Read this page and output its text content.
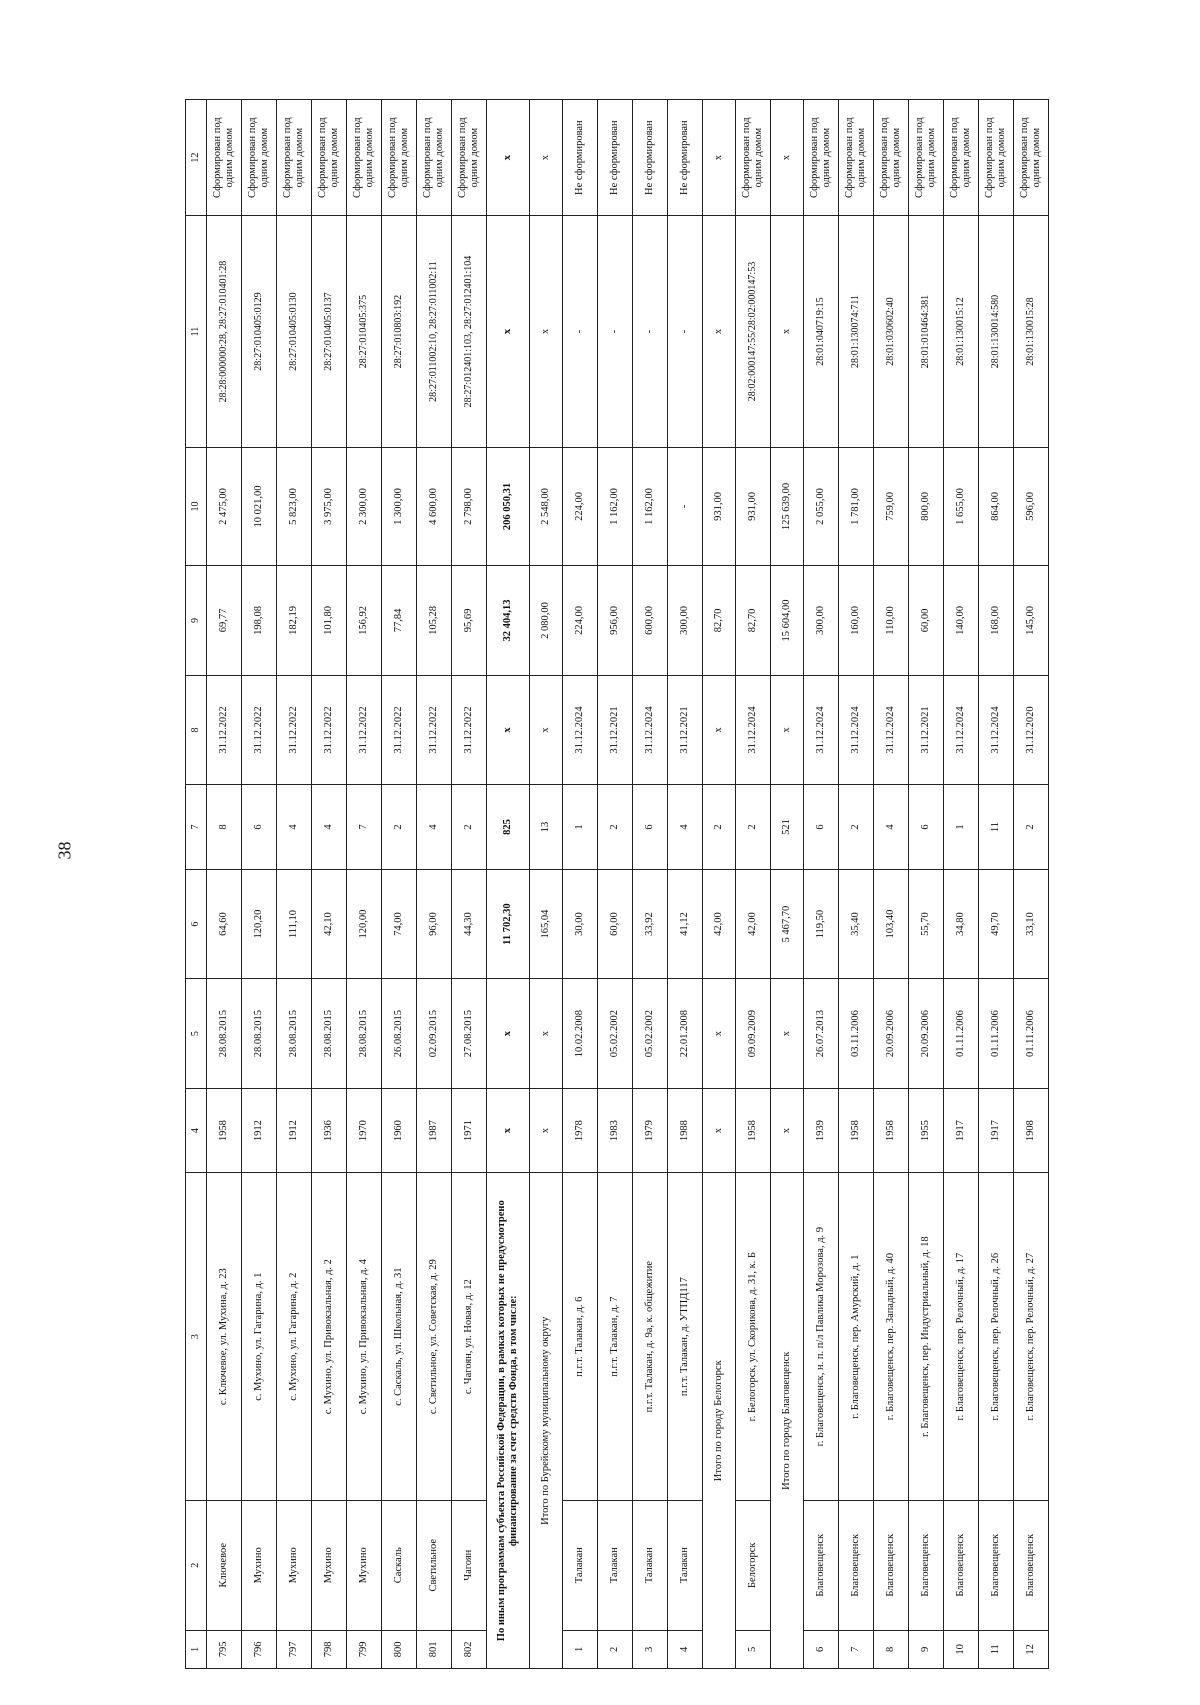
38
1	2	3	4	5	6	7	8	9	10	11	12
795	Ключевое	с. Ключевое, ул. Мухина, д. 23	1958	28.08.2015	64,60	8	31.12.2022	69,77	2 475,00	28:28:000000:28, 28:27:010401:28	Сформирован под одним домом
796	Мухино	с. Мухино, ул. Гагарина, д. 1	1912	28.08.2015	120,20	6	31.12.2022	198,08	10 021,00	28:27:010405:0129	Сформирован под одним домом
797	Мухино	с. Мухино, ул. Гагарина, д. 2	1912	28.08.2015	111,10	4	31.12.2022	182,19	5 823,00	28:27:010405:0130	Сформирован под одним домом
798	Мухино	с. Мухино, ул. Привокзальная, д. 2	1936	28.08.2015	42,10	4	31.12.2022	101,80	3 975,00	28:27:010405:0137	Сформирован под одним домом
799	Мухино	с. Мухино, ул. Привокзальная, д. 4	1970	28.08.2015	120,00	7	31.12.2022	156,92	2 300,00	28:27:010405:375	Сформирован под одним домом
800	Саскаль	с. Саскаль, ул. Школьная, д. 31	1960	26.08.2015	74,00	2	31.12.2022	77,84	1 300,00	28:27:010803:192	Сформирован под одним домом
801	Светильное	с. Светильное, ул. Советская, д. 29	1987	02.09.2015	96,00	4	31.12.2022	105,28	4 600,00	28:27:011002:10, 28:27:011002:11	Сформирован под одним домом
802	Чагоян	с. Чагоян, ул. Новая, д. 12	1971	27.08.2015	44,30	2	31.12.2022	95,69	2 798,00	28:27:012401:103, 28:27:012401:104	Сформирован под одним домом
По иным программам субъекта Российской Федерации, в рамках которых не предусмотрено финансирование за счет средств Фонда, в том числе:			x	x	11 702,30	825	x	32 404,13	206 050,31	x	x
Итого по Бурейскому муниципальному округу			x	x	165,04	13	x	2 080,00	2 548,00	x	x
1	Талакан	п.г.т. Талакан, д. 6	1978	10.02.2008	30,00	1	31.12.2024	224,00	224,00	-	Не сформирован
2	Талакан	п.г.т. Талакан, д. 7	1983	05.02.2002	60,00	2	31.12.2021	956,00	1 162,00	-	Не сформирован
3	Талакан	п.г.т. Талакан, д. 9а, к. общежитие	1979	05.02.2002	33,92	6	31.12.2024	600,00	1 162,00	-	Не сформирован
4	Талакан	п.г.т. Талакан, д. УТПД117	1988	22.01.2008	41,12	4	31.12.2021	300,00	-	-	Не сформирован
Итого по городу Белогорск			x	x	42,00	2	x	82,70	931,00	x	x
5	Белогорск	г. Белогорск, ул. Скорикова, д. 31, к. Б	1958	09.09.2009	42,00	2	31.12.2024	82,70	931,00	28:02:000147:55/28:02:000147:53	Сформирован под одним домом
Итого по городу Благовещенск			x	x	5 467,70	521	x	15 604,00	125 639,00	x	x
6	Благовещенск	г. Благовещенск, н. п. п/л Павлика Морозова, д. 9	1939	26.07.2013	119,50	6	31.12.2024	300,00	2 055,00	28:01:040719:15	Сформирован под одним домом
7	Благовещенск	г. Благовещенск, пер. Амурский, д. 1	1958	03.11.2006	35,40	2	31.12.2024	160,00	1 781,00	28:01:130074:711	Сформирован под одним домом
8	Благовещенск	г. Благовещенск, пер. Западный, д. 40	1958	20.09.2006	103,40	4	31.12.2024	110,00	759,00	28:01:030602:40	Сформирован под одним домом
9	Благовещенск	г. Благовещенск, пер. Индустриальный, д. 18	1955	20.09.2006	55,70	6	31.12.2021	60,00	800,00	28:01:010464:381	Сформирован под одним домом
10	Благовещенск	г. Благовещенск, пер. Релочный, д. 17	1917	01.11.2006	34,80	1	31.12.2024	140,00	1 655,00	28:01:130015:12	Сформирован под одним домом
11	Благовещенск	г. Благовещенск, пер. Релочный, д. 26	1917	01.11.2006	49,70	11	31.12.2024	168,00	864,00	28:01:130014:580	Сформирован под одним домом
12	Благовещенск	г. Благовещенск, пер. Релочный, д. 27	1908	01.11.2006	33,10	2	31.12.2020	145,00	596,00	28:01:130015:28	Сформирован под одним домом
